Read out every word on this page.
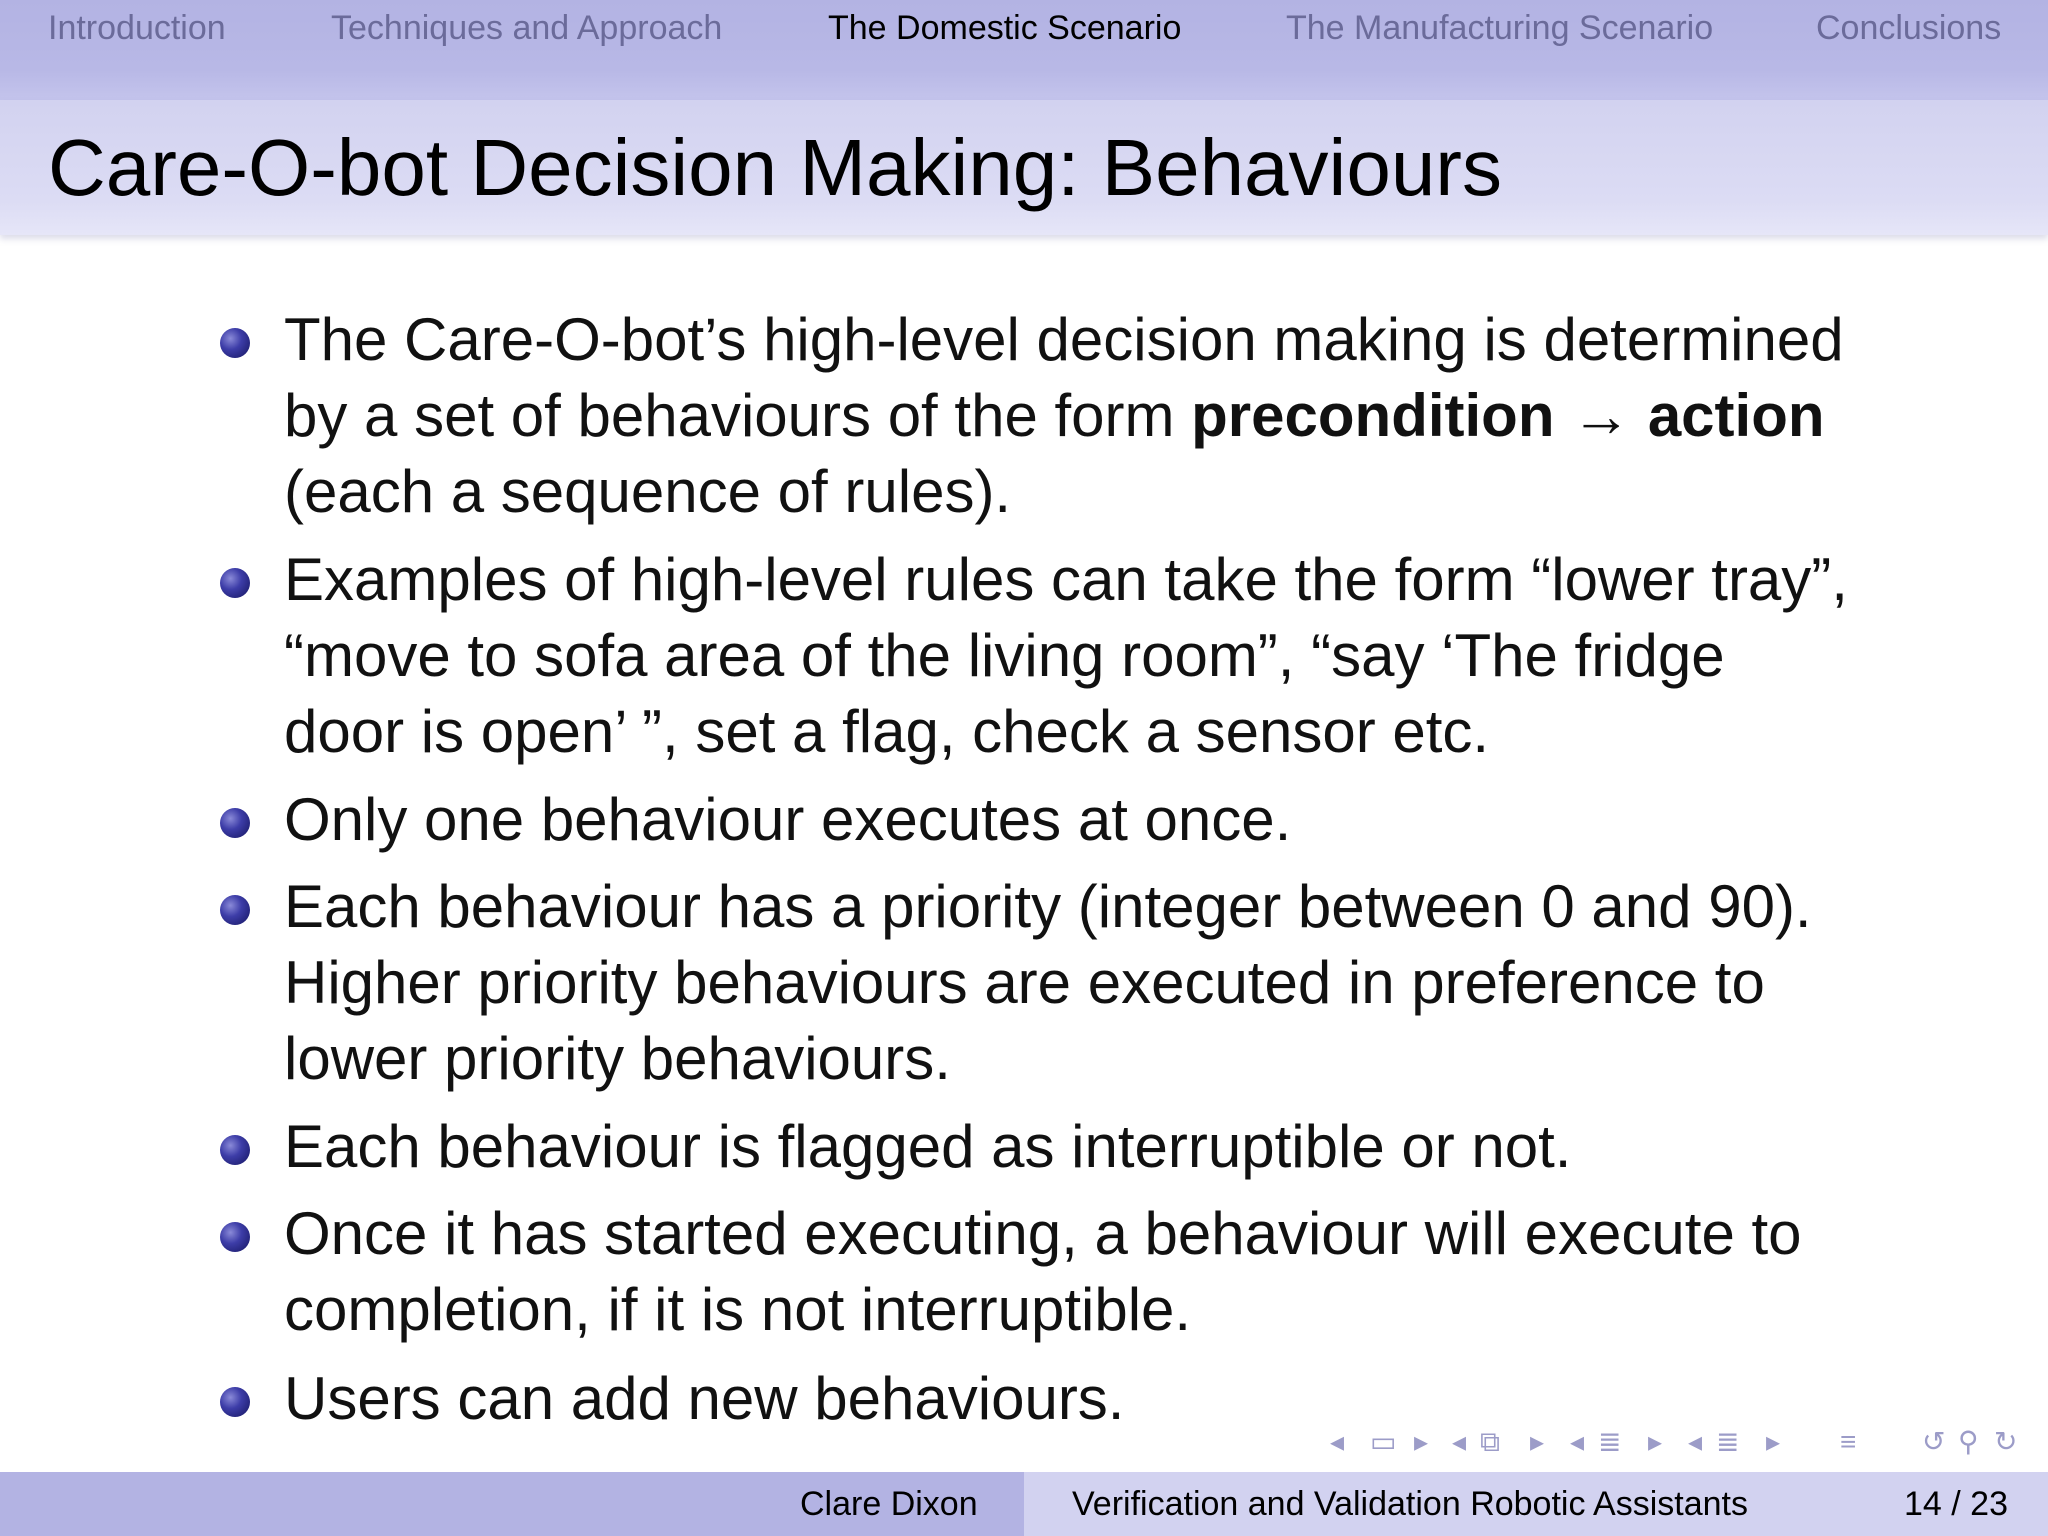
Introduction	Techniques and Approach	The Domestic Scenario	The Manufacturing Scenario	Conclusions
Care-O-bot Decision Making: Behaviours
The Care-O-bot’s high-level decision making is determined
by a set of behaviours of the form precondition → action
(each a sequence of rules).
Examples of high-level rules can take the form “lower tray”,
“move to sofa area of the living room”, “say ‘The fridge
door is open’ ”, set a flag, check a sensor etc.
Only one behaviour executes at once.
Each behaviour has a priority (integer between 0 and 90).
Higher priority behaviours are executed in preference to
lower priority behaviours.
Each behaviour is flagged as interruptible or not.
Once it has started executing, a behaviour will execute to
completion, if it is not interruptible.
Users can add new behaviours.
◂ ▭ ▸ ◂ ⧉ ▸ ◂ ≣ ▸ ◂ ≣ ▸ ≡ ↺ ⚲ ↻
Clare Dixon	Verification and Validation Robotic Assistants	14 / 23
